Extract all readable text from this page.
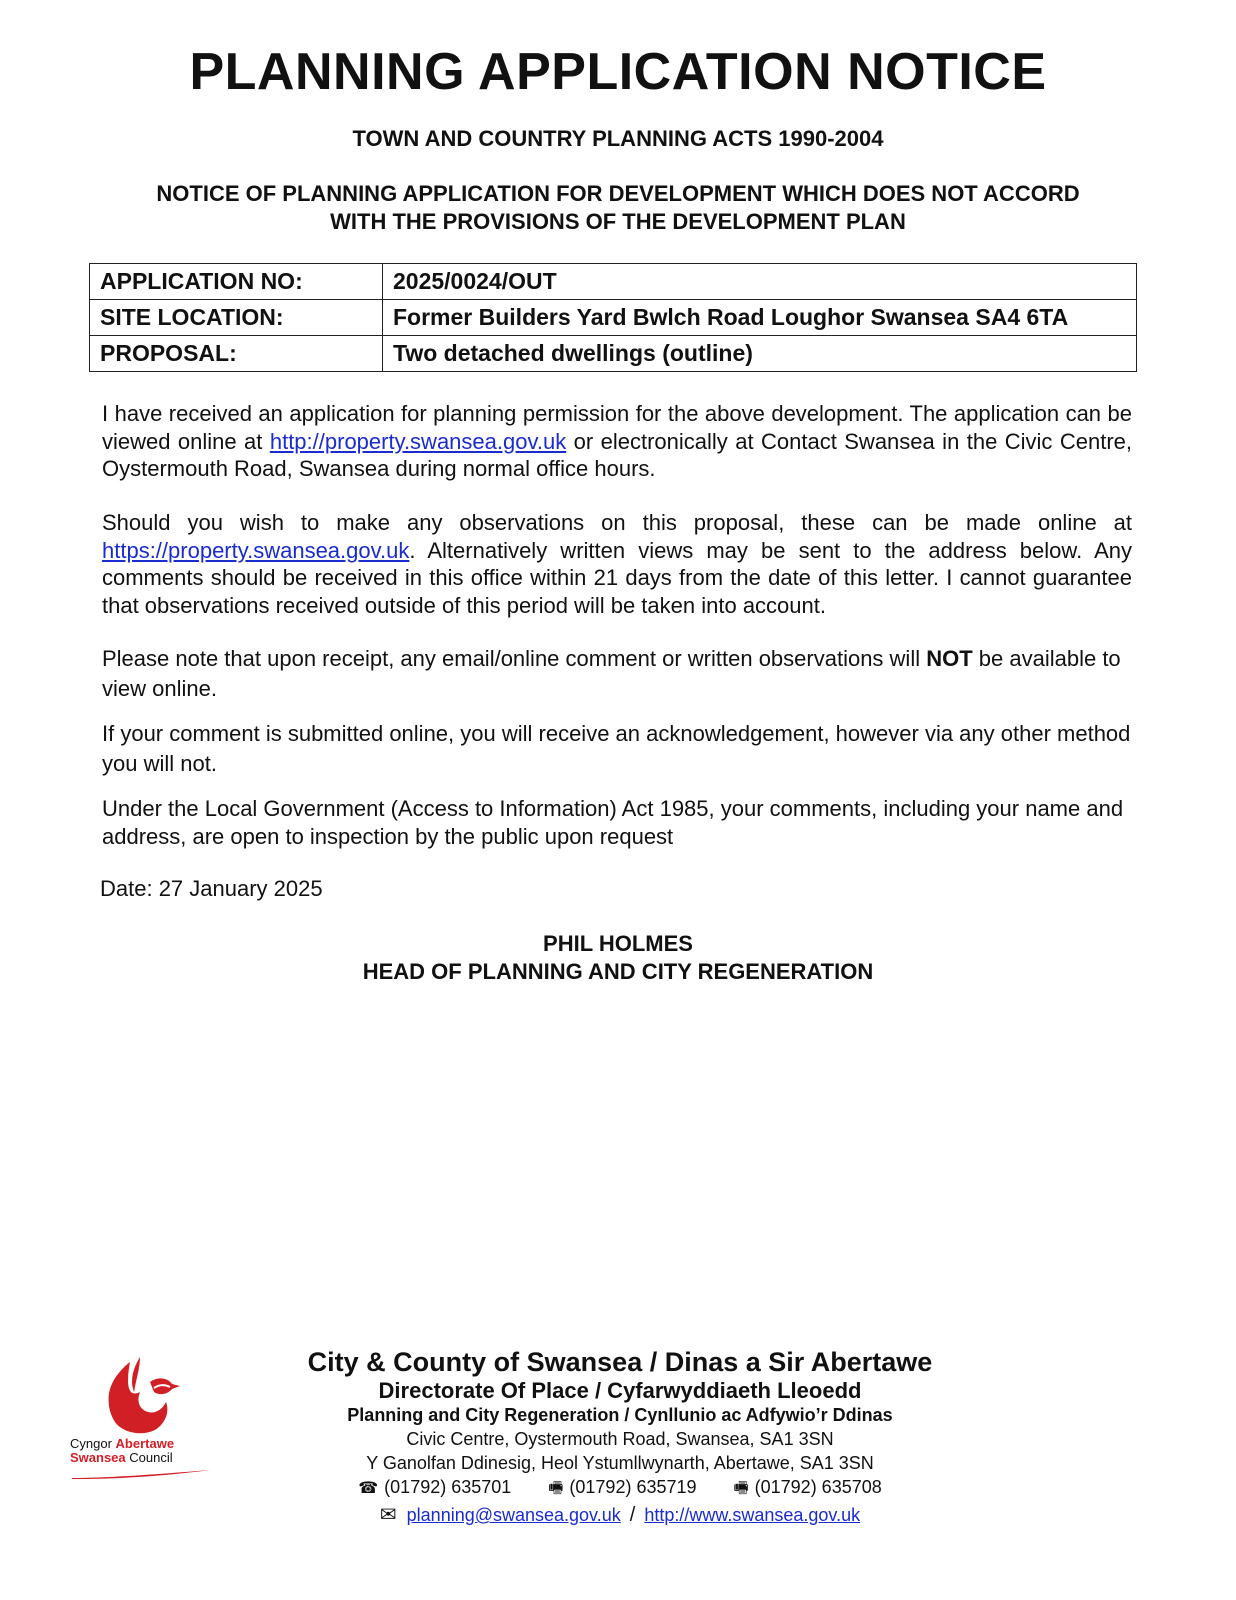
PLANNING APPLICATION NOTICE
TOWN AND COUNTRY PLANNING ACTS 1990-2004
NOTICE OF PLANNING APPLICATION FOR DEVELOPMENT WHICH DOES NOT ACCORD
WITH THE PROVISIONS OF THE DEVELOPMENT PLAN
APPLICATION NO:	2025/0024/OUT
SITE LOCATION:	Former Builders Yard Bwlch Road Loughor Swansea SA4 6TA
PROPOSAL:	Two detached dwellings (outline)
I have received an application for planning permission for the above development. The application can be viewed online at http://property.swansea.gov.uk or electronically at Contact Swansea in the Civic Centre, Oystermouth Road, Swansea during normal office hours.
Should you wish to make any observations on this proposal, these can be made online at https://property.swansea.gov.uk. Alternatively written views may be sent to the address below. Any comments should be received in this office within 21 days from the date of this letter. I cannot guarantee that observations received outside of this period will be taken into account.
Please note that upon receipt, any email/online comment or written observations will NOT be available to view online.
If your comment is submitted online, you will receive an acknowledgement, however via any other method you will not.
Under the Local Government (Access to Information) Act 1985, your comments, including your name and address, are open to inspection by the public upon request
Date: 27 January 2025
PHIL HOLMES
HEAD OF PLANNING AND CITY REGENERATION
Cyngor Abertawe
Swansea Council
City & County of Swansea / Dinas a Sir Abertawe
Directorate Of Place / Cyfarwyddiaeth Lleoedd
Planning and City Regeneration / Cynllunio ac Adfywio’r Ddinas
Civic Centre, Oystermouth Road, Swansea, SA1 3SN
Y Ganolfan Ddinesig, Heol Ystumllwynarth, Abertawe, SA1 3SN
☎ (01792) 635701 🖷 (01792) 635719 🖷 (01792) 635708
✉ planning@swansea.gov.uk / http://www.swansea.gov.uk
